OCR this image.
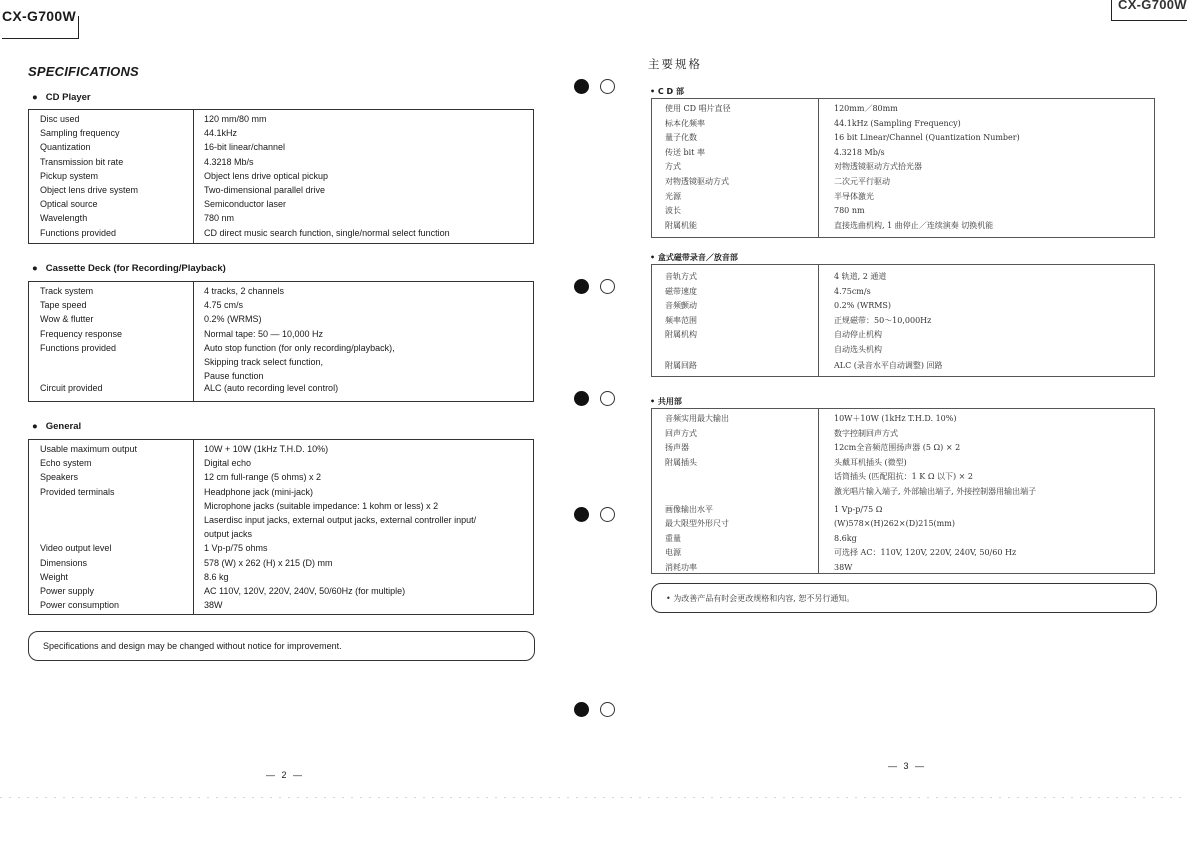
CX-G700W
CX-G700W
SPECIFICATIONS
● CD Player
Disc used	120 mm/80 mm
Sampling frequency	44.1kHz
Quantization	16-bit linear/channel
Transmission bit rate	4.3218 Mb/s
Pickup system	Object lens drive optical pickup
Object lens drive system	Two-dimensional parallel drive
Optical source	Semiconductor laser
Wavelength	780 nm
Functions provided	CD direct music search function, single/normal select function
● Cassette Deck (for Recording/Playback)
Track system	4 tracks, 2 channels
Tape speed	4.75 cm/s
Wow & flutter	0.2% (WRMS)
Frequency response	Normal tape: 50 — 10,000 Hz
Functions provided	Auto stop function (for only recording/playback),
Skipping track select function,
Pause function
Circuit provided	ALC (auto recording level control)
● General
Usable maximum output	10W + 10W (1kHz T.H.D. 10%)
Echo system	Digital echo
Speakers	12 cm full-range (5 ohms) x 2
Provided terminals	Headphone jack (mini-jack)
Microphone jacks (suitable impedance: 1 kohm or less) x 2
Laserdisc input jacks, external output jacks, external controller input/
output jacks
Video output level	1 Vp-p/75 ohms
Dimensions	578 (W) x 262 (H) x 215 (D) mm
Weight	8.6 kg
Power supply	AC 110V, 120V, 220V, 240V, 50/60Hz (for multiple)
Power consumption	38W
Specifications and design may be changed without notice for improvement.
— 2 —
主要规格
• C D 部
使用 CD 唱片直径	120mm／80mm
标本化频率	44.1kHz (Sampling Frequency)
量子化数	16 bit Linear/Channel (Quantization Number)
传送 bit 率	4.3218 Mb/s
方式	对物透镜驱动方式拾光器
对物透镜驱动方式	二次元平行驱动
光源	半导体激光
波长	780 nm
附属机能	直接选曲机构, 1 曲停止／连续演奏 切换机能
• 盒式磁带录音／放音部
音轨方式	4 轨道, 2 通道
磁带速度	4.75cm/s
音频颤动	0.2% (WRMS)
频率范围	正规磁带：50～10,000Hz
附属机构	自动停止机构
自动选头机构
附属回路	ALC (录音水平自动调整) 回路
• 共用部
音频实用最大输出	10W＋10W (1kHz T.H.D. 10%)
回声方式	数字控制回声方式
扬声器	12cm全音频范围扬声器 (5 Ω) × 2
附属插头	头戴耳机插头 (微型)
话筒插头 (匹配阻抗：1 K Ω 以下) × 2
激光唱片输入端子, 外部输出端子, 外接控制器用输出端子
画像输出水平	1 Vp-p/75 Ω
最大限型外形尺寸	(W)578×(H)262×(D)215(mm)
重量	8.6kg
电源	可选择 AC：110V, 120V, 220V, 240V, 50/60 Hz
消耗功率	38W
• 为改善产品有时会更改规格和内容, 恕不另行通知。
— 3 —
